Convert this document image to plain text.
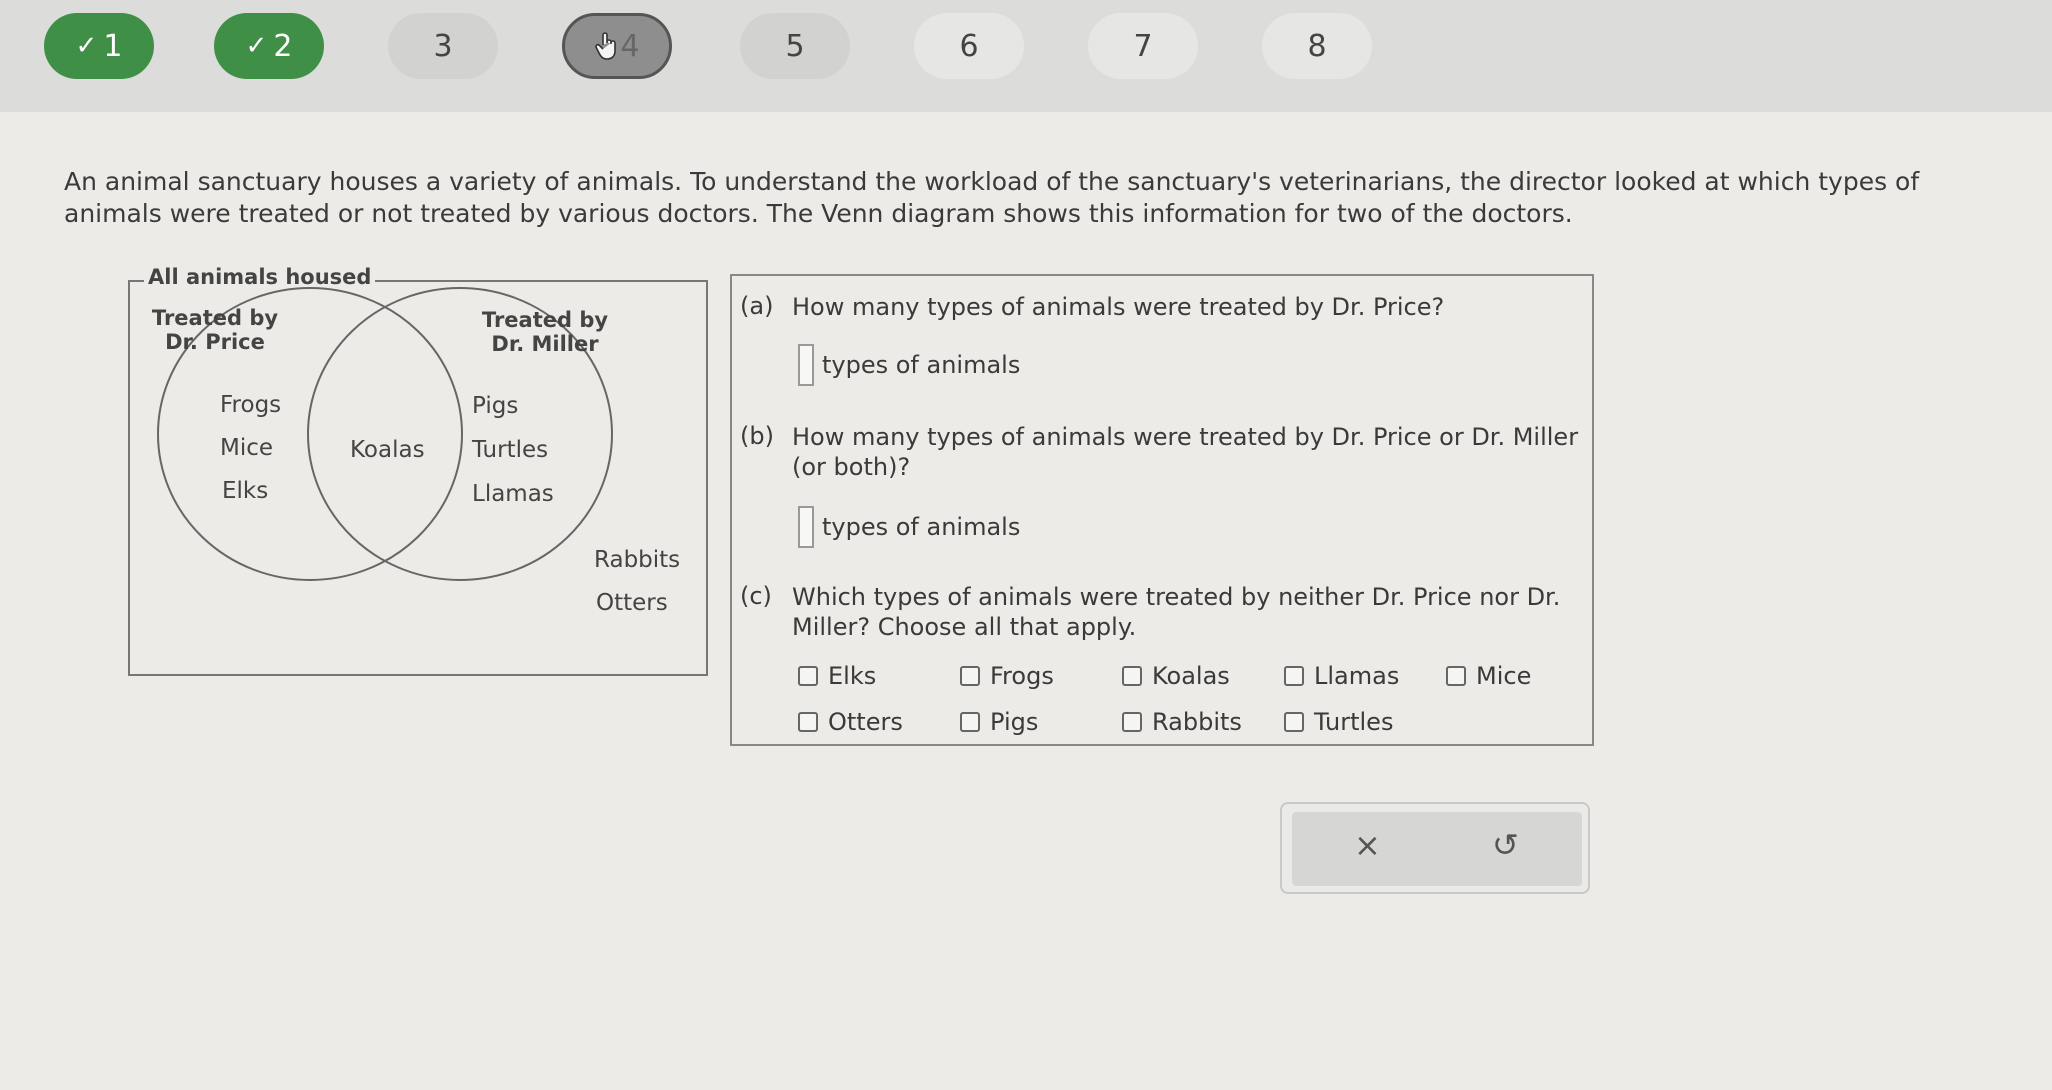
✓ 1	✓ 2	3	4	5	6	7	8
An animal sanctuary houses a variety of animals. To understand the workload of the sanctuary's veterinarians, the director looked at which types of animals were treated or not treated by various doctors. The Venn diagram shows this information for two of the doctors.
All animals housed
Treated by
Dr. Price
Treated by
Dr. Miller
Frogs
Mice
Elks
Koalas
Pigs
Turtles
Llamas
Rabbits
Otters
(a) How many types of animals were treated by Dr. Price?
types of animals
(b) How many types of animals were treated by Dr. Price or Dr. Miller (or both)?
types of animals
(c) Which types of animals were treated by neither Dr. Price nor Dr. Miller? Choose all that apply.
Elks	Frogs	Koalas	Llamas	Mice
Otters	Pigs	Rabbits	Turtles
×	↺
